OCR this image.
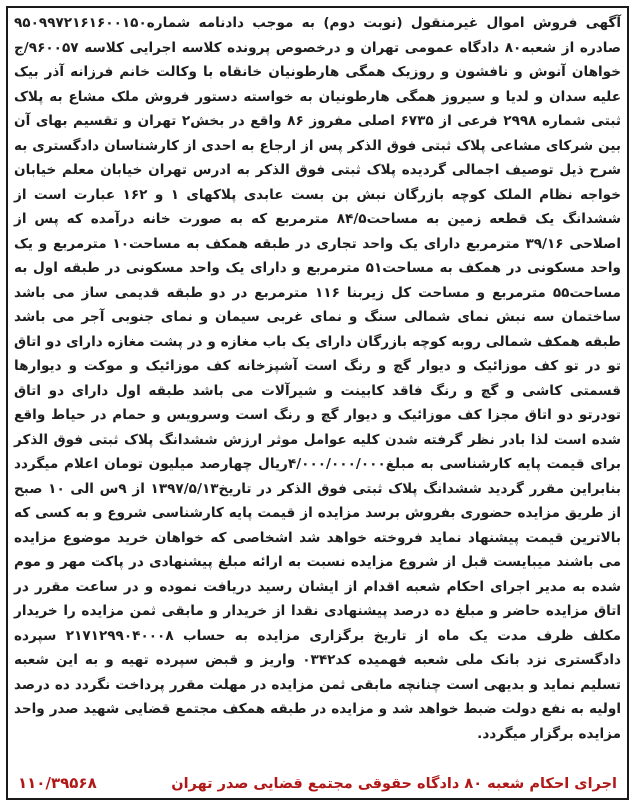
آگهی فروش اموال غیرمنقول (نوبت دوم) به موجب دادنامه شماره۹۵۰۹۹۷۲۱۶۱۶۰۰۱۵۰ صادره از شعبه۸۰ دادگاه عمومی تهران و درخصوص پرونده کلاسه اجرایی کلاسه ۹۶۰۰۵۷/ج خواهان آنوش و نافشون و روزیک همگی هارطونیان خانقاه با وکالت خانم فرزانه آذر بیک علیه سدان و لدیا و سیروز همگی هارطونیان به خواسته دستور فروش ملک مشاع به پلاک ثبتی شماره ۲۹۹۸ فرعی از ۶۷۳۵ اصلی مفروز ۸۶ واقع در بخش۲ تهران و تقسیم بهای آن بین شرکای مشاعی پلاک ثبتی فوق الذکر پس از ارجاع به احدی از کارشناسان دادگستری به شرح ذیل توصیف اجمالی گردیده پلاک ثبتی فوق الذکر به ادرس تهران خیابان معلم خیابان خواجه نظام الملک کوچه بازرگان نبش بن بست عابدی پلاکهای ۱ و ۱۶۲ عبارت است از ششدانگ یک قطعه زمین به مساحت۸۴/۵ مترمربع که به صورت خانه درآمده که پس از اصلاحی ۳۹/۱۶ مترمربع دارای یک واحد تجاری در طبقه همکف به مساحت۱۰ مترمربع و یک واحد مسکونی در همکف به مساحت۵۱ مترمربع و دارای یک واحد مسکونی در طبقه اول به مساحت۵۵ مترمربع و مساحت کل زیربنا ۱۱۶ مترمربع در دو طبقه قدیمی ساز می باشد ساختمان سه نبش نمای شمالی سنگ و نمای غربی سیمان و نمای جنوبی آجر می باشد طبقه همکف شمالی روبه کوچه بازرگان دارای یک باب مغازه و در پشت مغازه دارای دو اتاق تو در تو کف موزائیک و دیوار گچ و رنگ است آشپزخانه کف موزائیک و موکت و دیوارها قسمتی کاشی و گچ و رنگ فاقد کابینت و شیرآلات می باشد طبقه اول دارای دو اتاق تودرتو دو اتاق مجزا کف موزائیک و دیوار گچ و رنگ است وسرویس و حمام در حیاط واقع شده است لذا بادر نظر گرفته شدن کلیه عوامل موثر ارزش ششدانگ پلاک ثبتی فوق الذکر برای قیمت پایه کارشناسی به مبلغ۴/۰۰۰/۰۰۰/۰۰۰ریال چهارصد میلیون تومان اعلام میگردد بنابراین مقرر گردید ششدانگ پلاک ثبتی فوق الذکر در تاریخ۱۳۹۷/۵/۱۳ از ۹س الی ۱۰ صبح از طریق مزایده حضوری بفروش برسد مزایده از قیمت پایه کارشناسی شروع و به کسی که بالاترین قیمت پیشنهاد نماید فروخته خواهد شد اشخاصی که خواهان خرید موضوع مزایده می باشند میبایست قبل از شروع مزایده نسبت به ارائه مبلغ پیشنهادی در پاکت مهر و موم شده به مدیر اجرای احکام شعبه اقدام از ایشان رسید دریافت نموده و در ساعت مقرر در اتاق مزایده حاضر و مبلغ ده درصد پیشنهادی نقدا از خریدار و مابقی ثمن مزایده را خریدار مکلف ظرف مدت یک ماه از تاریخ برگزاری مزایده به حساب ۲۱۷۱۲۹۹۰۴۰۰۰۸ سپرده دادگستری نزد بانک ملی شعبه فهمیده کد۰۳۴۲ واریز و قبض سپرده تهیه و به این شعبه تسلیم نماید و بدیهی است چنانچه مابقی ثمن مزایده در مهلت مقرر پرداخت نگردد ده درصد اولیه به نفع دولت ضبط خواهد شد و مزایده در طبقه همکف مجتمع قضایی شهید صدر واحد مزایده برگزار میگردد.

اجرای احکام شعبه ۸۰ دادگاه حقوقی مجتمع قضایی صدر تهران
۱۱۰/۳۹۵۶۸
